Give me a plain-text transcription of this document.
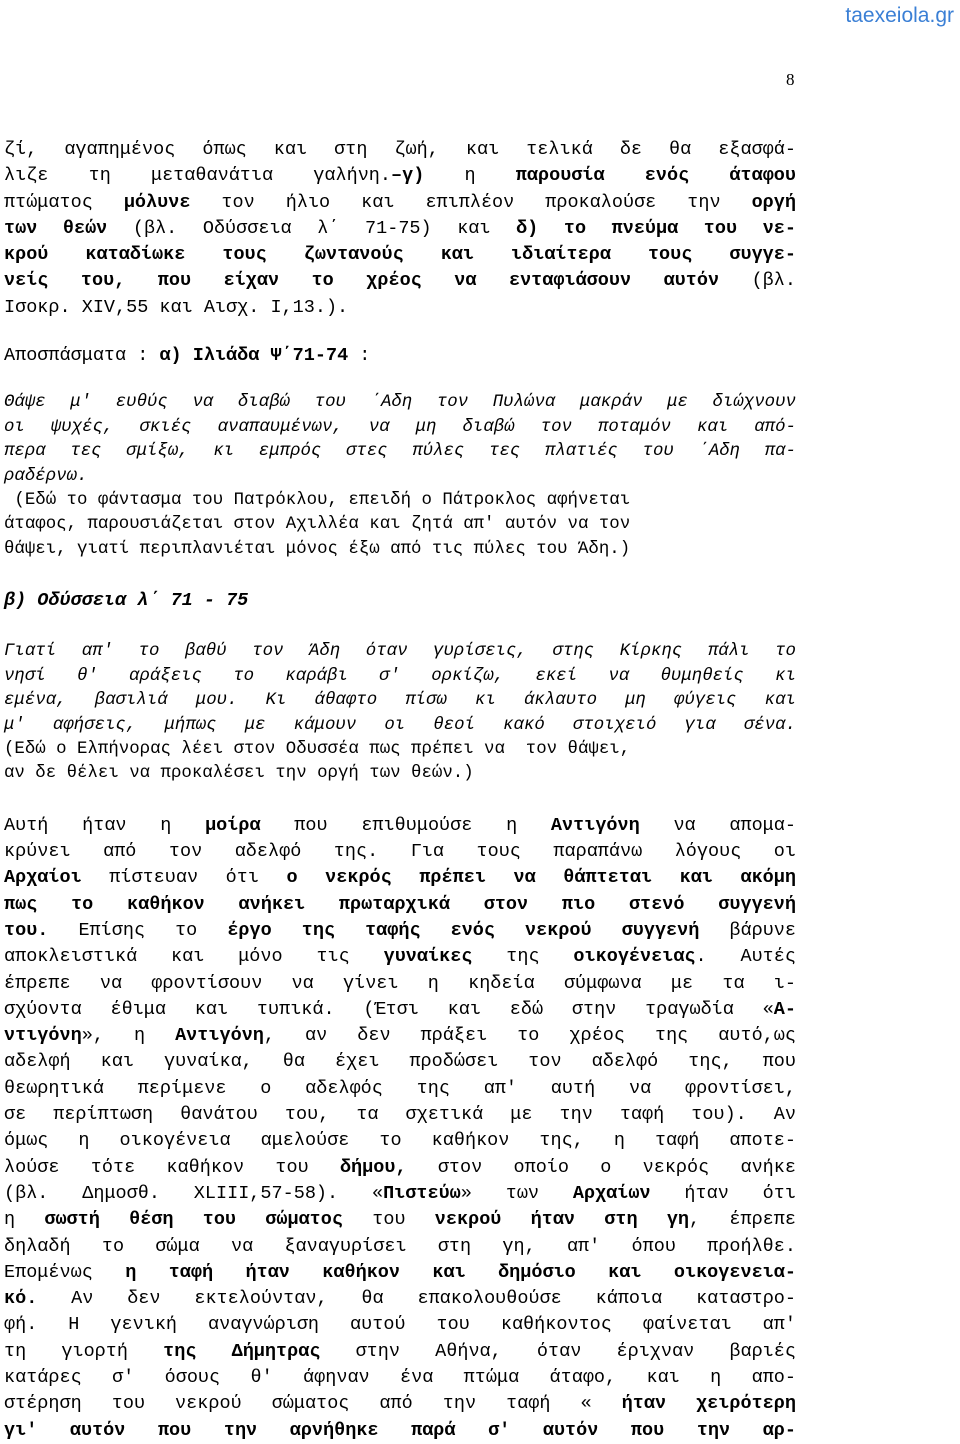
taexeiola.gr
8
ζί, αγαπημένος όπως και στη ζωή, και τελικά δε θα εξασφά-
λιζε τη μεταθανάτια γαλήνη.–γ) η παρουσία ενός άταφου
πτώματος μόλυνε τον ήλιο και επιπλέον προκαλούσε την οργή
των θεών (βλ. Οδύσσεια λ΄ 71-75) και δ) το πνεύμα του νε-
κρού καταδίωκε τους ζωντανούς και ιδιαίτερα τους συγγε-
νείς του, που είχαν το χρέος να ενταφιάσουν αυτόν (βλ.
Ισοκρ. XIV,55 και Αισχ. Ι,13.).
Αποσπάσματα : α) Ιλιάδα Ψ΄71-74 :
Θάψε μ′ ευθύς να διαβώ του ΄Αδη τον Πυλώνα μακράν με διώχνουν
οι ψυχές, σκιές αναπαυμένων, να μη διαβώ τον ποταμόν και από-
περα τες σμίξω, κι εμπρός στες πύλες τες πλατιές του ΄Αδη πα-
ραδέρνω.
(Εδώ το φάντασμα του Πατρόκλου, επειδή ο Πάτροκλος αφήνεται
άταφος, παρουσιάζεται στον Αχιλλέα και ζητά απ′ αυτόν να τον
θάψει, γιατί περιπλανιέται μόνος έξω από τις πύλες του Άδη.)
β) Οδύσσεια λ΄ 71 - 75
Γιατί απ' το βαθύ τον Άδη όταν γυρίσεις, στης Κίρκης πάλι το
νησί θ' αράξεις το καράβι σ' ορκίζω, εκεί να θυμηθείς κι
εμένα, βασιλιά μου. Κι άθαφτο πίσω κι άκλαυτο μη φύγεις και
μ′ αφήσεις, μήπως με κάμουν οι θεοί κακό στοιχειό για σένα.
(Εδώ ο Ελπήνορας λέει στον Οδυσσέα πως πρέπει να  τον θάψει,
αν δε θέλει να προκαλέσει την οργή των θεών.)
Αυτή ήταν η μοίρα που επιθυμούσε η Αντιγόνη να απομα-
κρύνει από τον αδελφό της. Για τους παραπάνω λόγους οι
Αρχαίοι πίστευαν ότι ο νεκρός πρέπει να θάπτεται και ακόμη
πως το καθήκον ανήκει πρωταρχικά στον πιο στενό συγγενή
του. Επίσης το έργο της ταφής ενός νεκρού συγγενή βάρυνε
αποκλειστικά και μόνο τις γυναίκες της οικογένειας. Αυτές
έπρεπε να φροντίσουν να γίνει η κηδεία σύμφωνα με τα ι-
σχύοντα έθιμα και τυπικά. (Έτσι και εδώ στην τραγωδία «Α-
ντιγόνη», η Αντιγόνη, αν δεν πράξει το χρέος της αυτό,ως
αδελφή και γυναίκα, θα έχει προδώσει τον αδελφό της, που
θεωρητικά περίμενε ο αδελφός της απ′ αυτή να φροντίσει,
σε περίπτωση θανάτου του, τα σχετικά με την ταφή του). Αν
όμως η οικογένεια αμελούσε το καθήκον της, η ταφή αποτε-
λούσε τότε καθήκον του δήμου, στον οποίο ο νεκρός ανήκε
(βλ. Δημοσθ. XLIII,57-58). «Πιστεύω» των Αρχαίων ήταν ότι
η σωστή θέση του σώματος του νεκρού ήταν στη γη, έπρεπε
δηλαδή το σώμα να ξαναγυρίσει στη γη, απ′ όπου προήλθε.
Επομένως η ταφή ήταν καθήκον και δημόσιο και οικογενεια-
κό. Αν δεν εκτελούνταν, θα επακολουθούσε κάποια καταστρο-
φή. Η γενική αναγνώριση αυτού του καθήκοντος φαίνεται απ′
τη γιορτή της Δήμητρας στην Αθήνα, όταν έριχναν βαριές
κατάρες σ′ όσους θ′ άφηναν ένα πτώμα άταφο, και η απο-
στέρηση του νεκρού σώματος από την ταφή « ήταν χειρότερη
γι′ αυτόν που την αρνήθηκε παρά σ′ αυτόν που την αρ-
